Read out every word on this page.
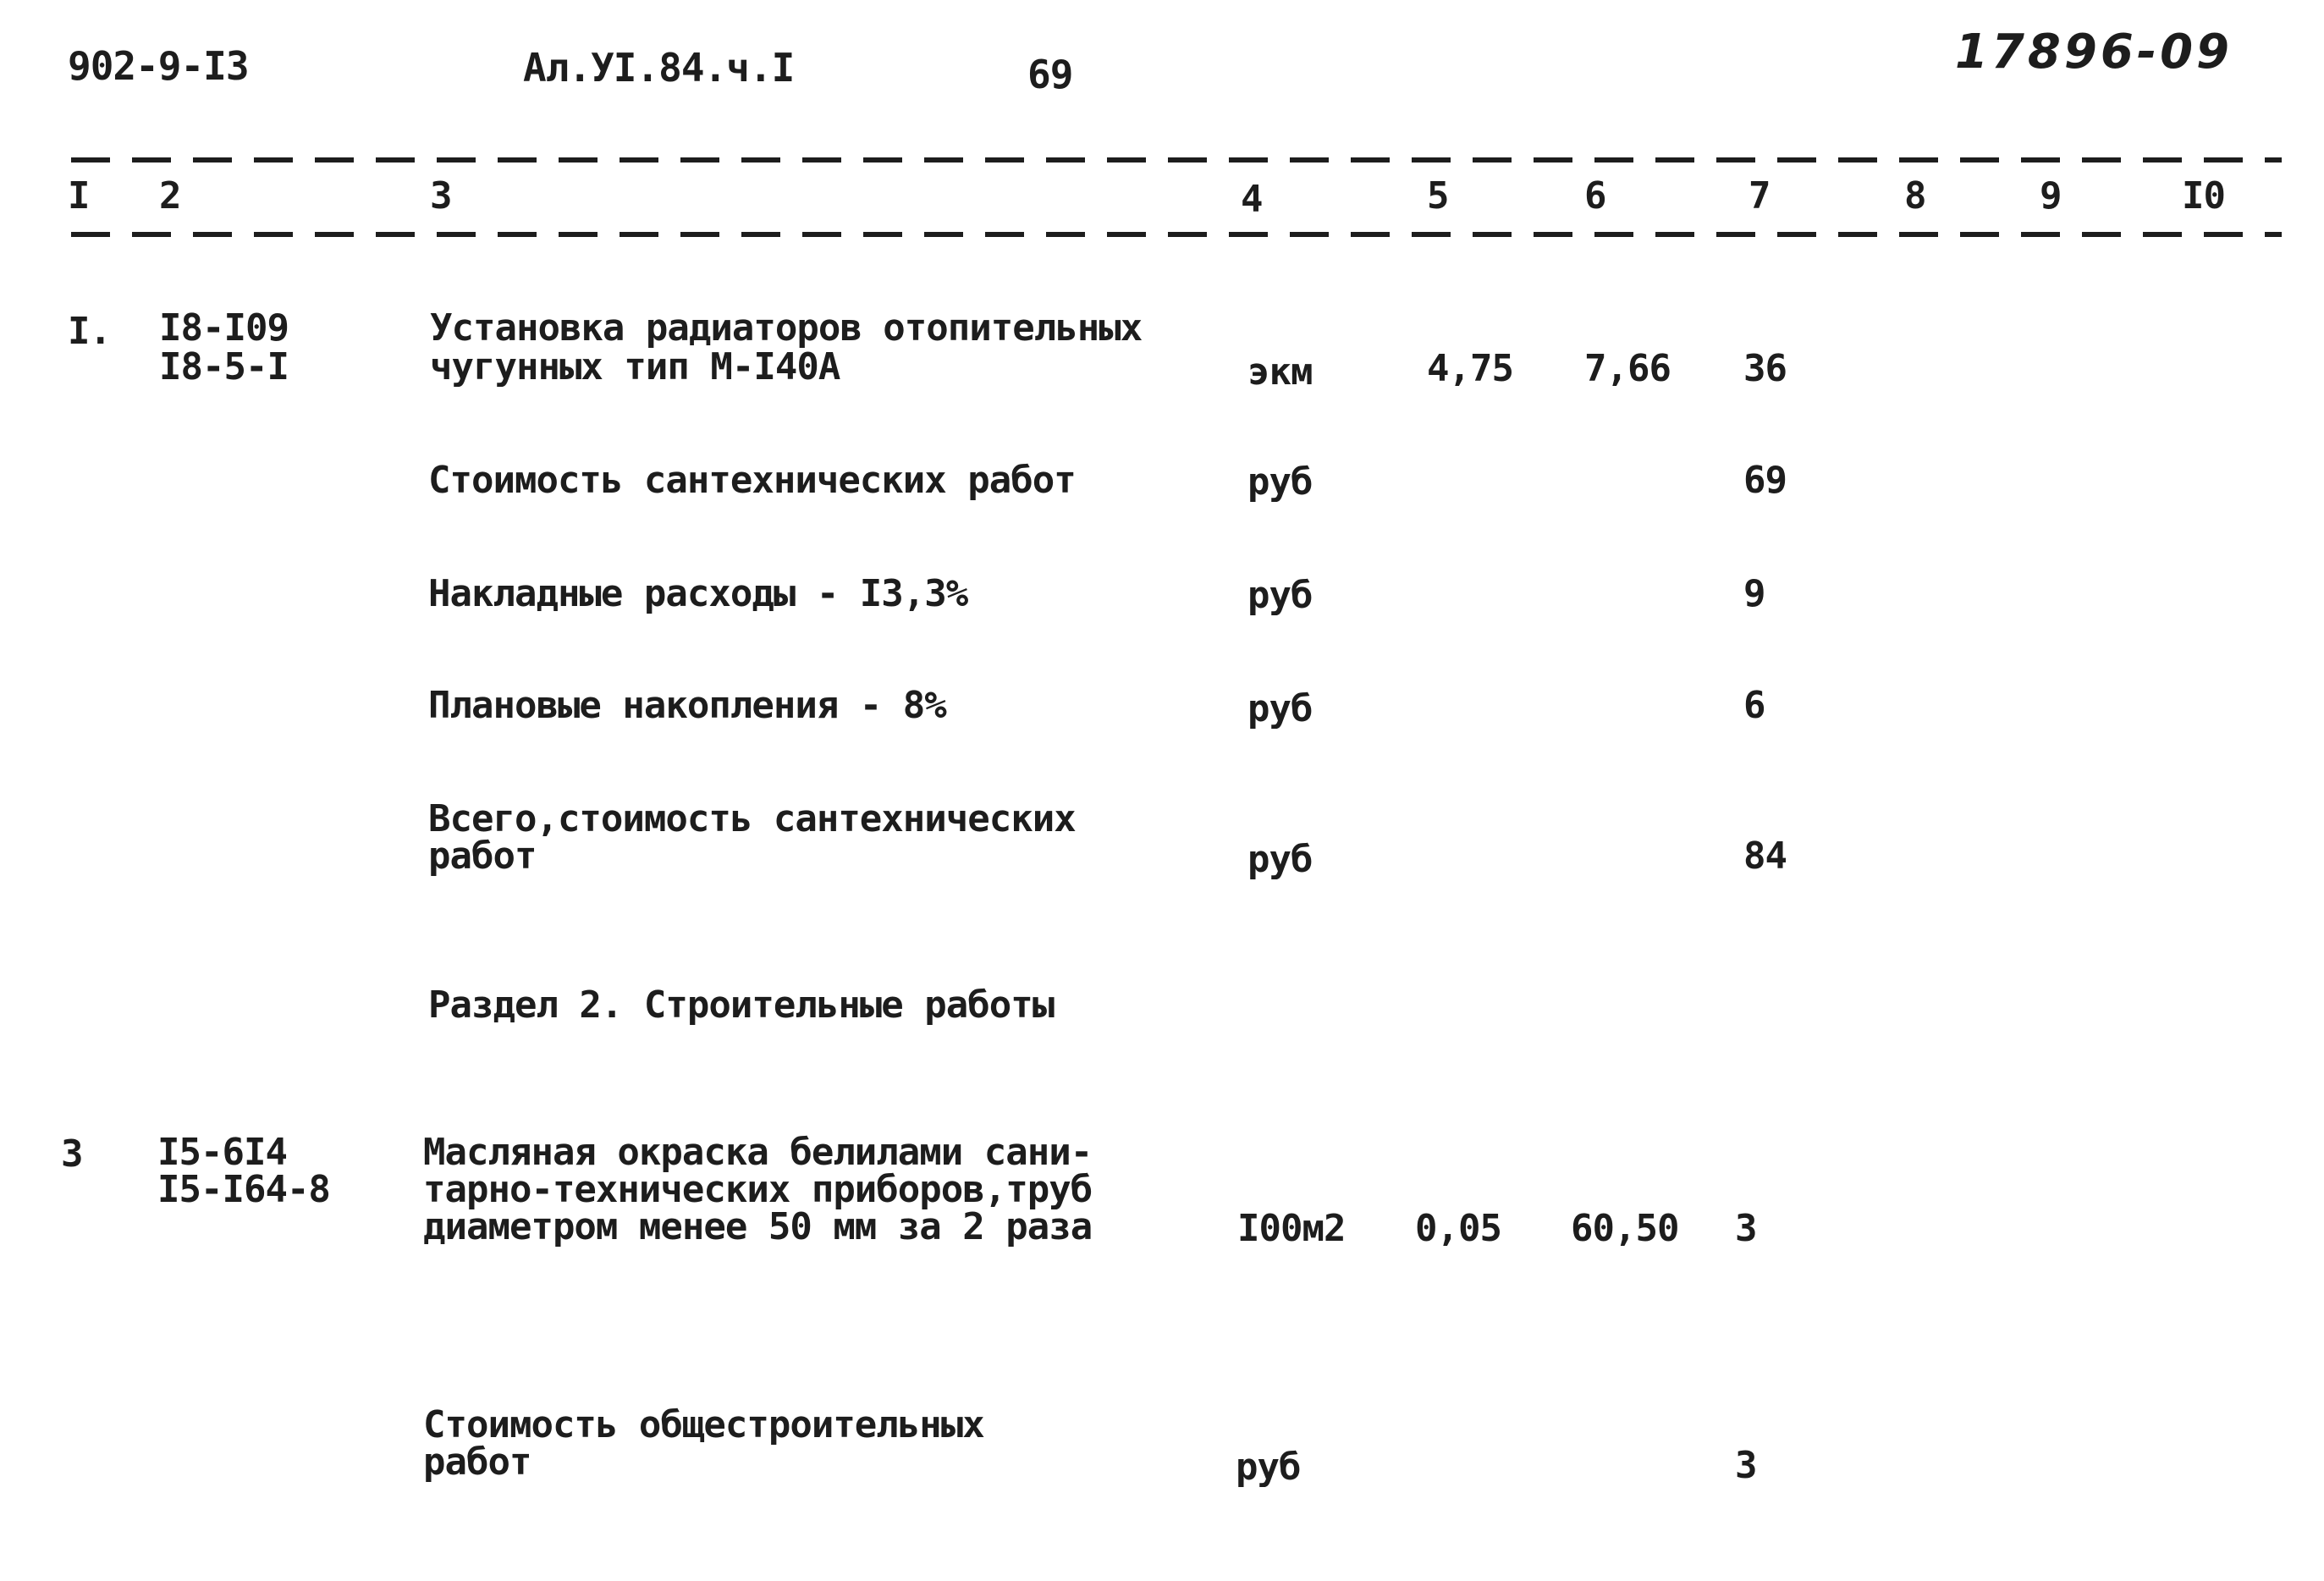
902-9-I3	Ал.УI.84.ч.I	69	17896-09
I 2	3	4	5	6	7	8	9	I0
I. I8-I09
I8-5-I
Установка радиаторов отопительных
чугунных тип М-I40А	экм	4,75 7,66 36
Стоимость сантехнических работ	руб	69
Накладные расходы - I3,3%	руб	9
Плановые накопления - 8%	руб	6
Всего,стоимость сантехнических
работ	руб	84
Раздел 2. Строительные работы
3 I5-6I4
I5-I64-8
Масляная окраска белилами сани-
тарно-технических приборов,труб
диаметром менее 50 мм за 2 раза	I00м2 0,05 60,50 3
Стоимость общестроительных
работ	руб	3
